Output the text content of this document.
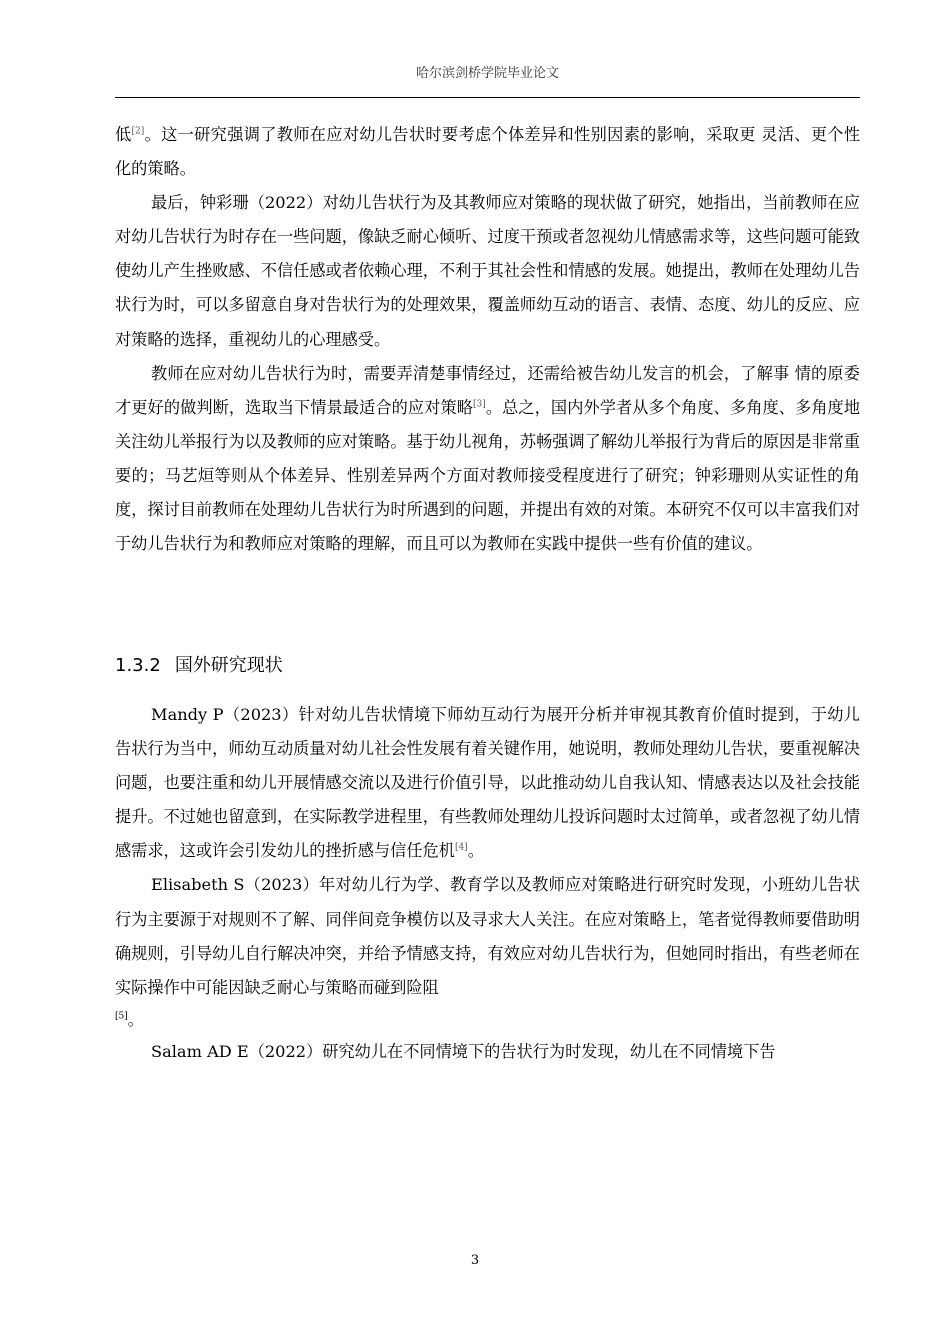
哈尔滨剑桥学院毕业论文

低[2]。这一研究强调了教师在应对幼儿告状时要考虑个体差异和性别因素的影响，采取更 灵活、更个性化的策略。

最后，钟彩珊（2022）对幼儿告状行为及其教师应对策略的现状做了研究，她指出，当前教师在应对幼儿告状行为时存在一些问题，像缺乏耐心倾听、过度干预或者忽视幼儿情感需求等，这些问题可能致使幼儿产生挫败感、不信任感或者依赖心理，不利于其社会性和情感的发展。她提出，教师在处理幼儿告状行为时，可以多留意自身对告状行为的处理效果，覆盖师幼互动的语言、表情、态度、幼儿的反应、应对策略的选择，重视幼儿的心理感受。

教师在应对幼儿告状行为时，需要弄清楚事情经过，还需给被告幼儿发言的机会，了解事 情的原委才更好的做判断，选取当下情景最适合的应对策略[3]。总之，国内外学者从多个角度、多角度、多角度地关注幼儿举报行为以及教师的应对策略。基于幼儿视角，苏畅强调了解幼儿举报行为背后的原因是非常重要的；马艺烜等则从个体差异、性别差异两个方面对教师接受程度进行了研究；钟彩珊则从实证性的角度，探讨目前教师在处理幼儿告状行为时所遇到的问题，并提出有效的对策。本研究不仅可以丰富我们对于幼儿告状行为和教师应对策略的理解，而且可以为教师在实践中提供一些有价值的建议。

1.3.2 国外研究现状

Mandy P（2023）针对幼儿告状情境下师幼互动行为展开分析并审视其教育价值时提到，于幼儿告状行为当中，师幼互动质量对幼儿社会性发展有着关键作用，她说明，教师处理幼儿告状，要重视解决问题，也要注重和幼儿开展情感交流以及进行价值引导，以此推动幼儿自我认知、情感表达以及社会技能提升。不过她也留意到，在实际教学进程里，有些教师处理幼儿投诉问题时太过简单，或者忽视了幼儿情感需求，这或许会引发幼儿的挫折感与信任危机[4]。

Elisabeth S（2023）年对幼儿行为学、教育学以及教师应对策略进行研究时发现，小班幼儿告状行为主要源于对规则不了解、同伴间竞争模仿以及寻求大人关注。在应对策略上，笔者觉得教师要借助明确规则，引导幼儿自行解决冲突，并给予情感支持，有效应对幼儿告状行为，但她同时指出，有些老师在实际操作中可能因缺乏耐心与策略而碰到险阻

[5]。

Salam AD E（2022）研究幼儿在不同情境下的告状行为时发现，幼儿在不同情境下告

3
